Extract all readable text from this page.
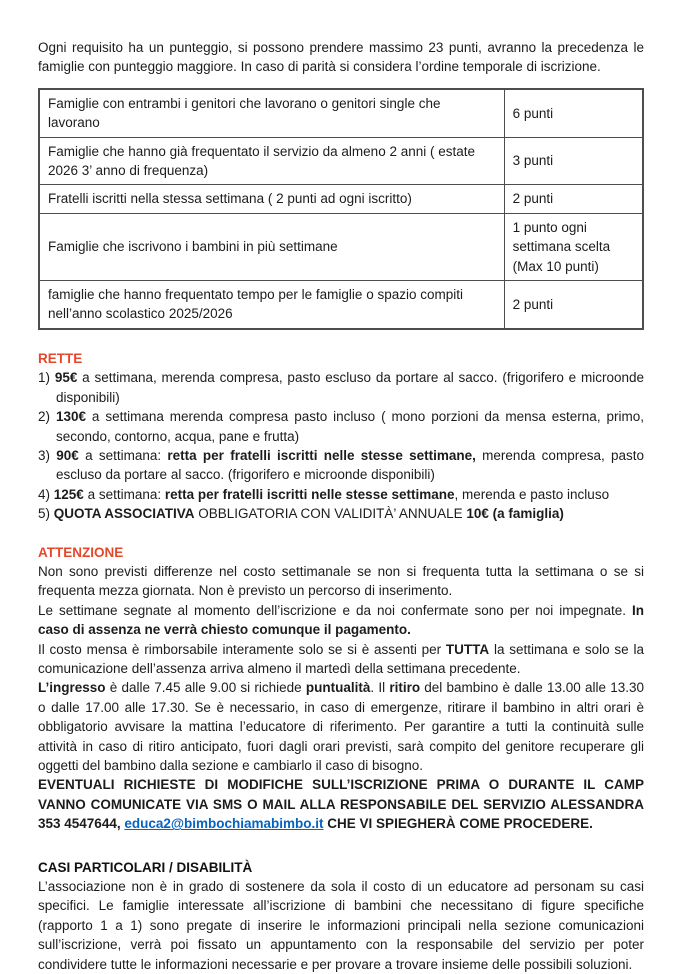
Ogni requisito ha un punteggio, si possono prendere massimo 23 punti, avranno la precedenza le famiglie con punteggio maggiore. In caso di parità si considera l’ordine temporale di iscrizione.

Famiglie con entrambi i genitori che lavorano o genitori single che lavorano	6 punti
Famiglie che hanno già frequentato il servizio da almeno 2 anni ( estate 2026 3’ anno di frequenza)	3 punti
Fratelli iscritti nella stessa settimana ( 2 punti ad ogni iscritto)	2 punti
Famiglie che iscrivono i bambini in più settimane	1 punto ogni settimana scelta (Max 10 punti)
famiglie che hanno frequentato tempo per le famiglie o spazio compiti nell’anno scolastico 2025/2026	2 punti
RETTE
1) 95€ a settimana, merenda compresa, pasto escluso da portare al sacco. (frigorifero e microonde disponibili)
2) 130€ a settimana merenda compresa pasto incluso ( mono porzioni da mensa esterna, primo, secondo, contorno, acqua, pane e frutta)
3) 90€ a settimana: retta per fratelli iscritti nelle stesse settimane, merenda compresa, pasto escluso da portare al sacco. (frigorifero e microonde disponibili)
4) 125€ a settimana: retta per fratelli iscritti nelle stesse settimane, merenda e pasto incluso
5) QUOTA ASSOCIATIVA OBBLIGATORIA CON VALIDITÀ’ ANNUALE 10€ (a famiglia)
ATTENZIONE

Non sono previsti differenze nel costo settimanale se non si frequenta tutta la settimana o se si frequenta mezza giornata. Non è previsto un percorso di inserimento.

Le settimane segnate al momento dell’iscrizione e da noi confermate sono per noi impegnate. In caso di assenza ne verrà chiesto comunque il pagamento.

Il costo mensa è rimborsabile interamente solo se si è assenti per TUTTA la settimana e solo se la comunicazione dell’assenza arriva almeno il martedì della settimana precedente.

L’ingresso è dalle 7.45 alle 9.00 si richiede puntualità. Il ritiro del bambino è dalle 13.00 alle 13.30 o dalle 17.00 alle 17.30. Se è necessario, in caso di emergenze, ritirare il bambino in altri orari è obbligatorio avvisare la mattina l’educatore di riferimento. Per garantire a tutti la continuità sulle attività in caso di ritiro anticipato, fuori dagli orari previsti, sarà compito del genitore recuperare gli oggetti del bambino dalla sezione e cambiarlo il caso di bisogno.

EVENTUALI RICHIESTE DI MODIFICHE SULL’ISCRIZIONE PRIMA O DURANTE IL CAMP VANNO COMUNICATE VIA SMS O MAIL ALLA RESPONSABILE DEL SERVIZIO ALESSANDRA 353 4547644, educa2@bimbochiamabimbo.it CHE VI SPIEGHERÀ COME PROCEDERE.

CASI PARTICOLARI / DISABILITÀ

L’associazione non è in grado di sostenere da sola il costo di un educatore ad personam su casi specifici. Le famiglie interessate all’iscrizione di bambini che necessitano di figure specifiche (rapporto 1 a 1) sono pregate di inserire le informazioni principali nella sezione comunicazioni sull’iscrizione, verrà poi fissato un appuntamento con la responsabile del servizio per poter condividere tutte le informazioni necessarie e per provare a trovare insieme delle possibili soluzioni.
